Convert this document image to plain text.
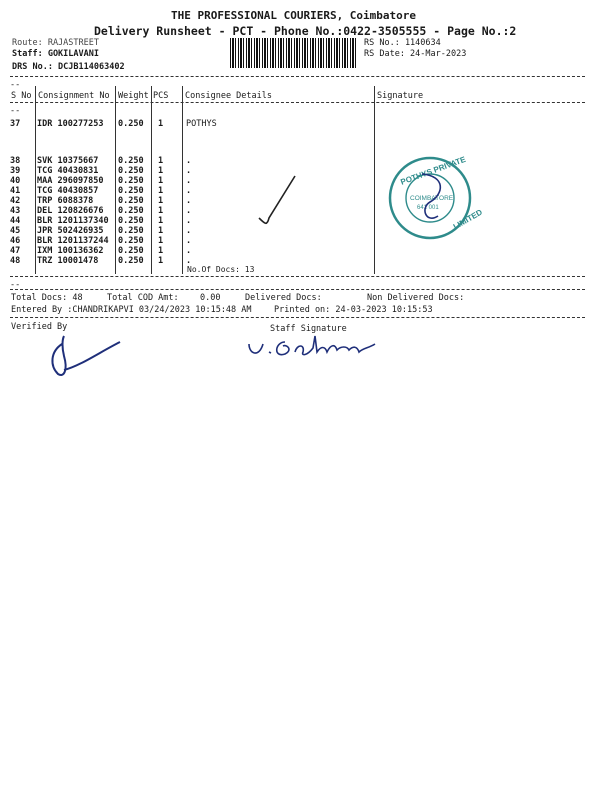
THE PROFESSIONAL COURIERS, Coimbatore
Delivery Runsheet - PCT - Phone No.:0422-3505555 - Page No.:2
Route: RAJASTREET
Staff: GOKILAVANI
DRS No.: DCJB114063402
RS No.: 1140634
RS Date: 24-Mar-2023
--
--
S No Consignment No Weight PCS Consignee Details	Signature
37 IDR 100277253 0.250 1	POTHYS
38 SVK 10375667 0.250 1	.
39 TCG 40430831 0.250 1	.
40 MAA 296097850 0.250 1	.
41 TCG 40430857 0.250 1	.
42 TRP 6088378	0.250 1	.
43 DEL 120826676 0.250 1	.
44 BLR 1201137340 0.250 1	.
45 JPR 502426935 0.250 1	.
46 BLR 1201137244 0.250 1	.
47 IXM 100136362 0.250 1	.
48 TRZ 10001478 0.250 1	.
No.Of Docs: 13
--
Total Docs: 48	Total COD Amt:	0.00	Delivered Docs:	Non Delivered Docs:
Entered By :CHANDRIKAPVI 03/24/2023 10:15:48 AM	Printed on: 24-03-2023 10:15:53
Verified By	Staff Signature
POTHYS PRIVATE
LIMITED
COIMBATORE
641 001
